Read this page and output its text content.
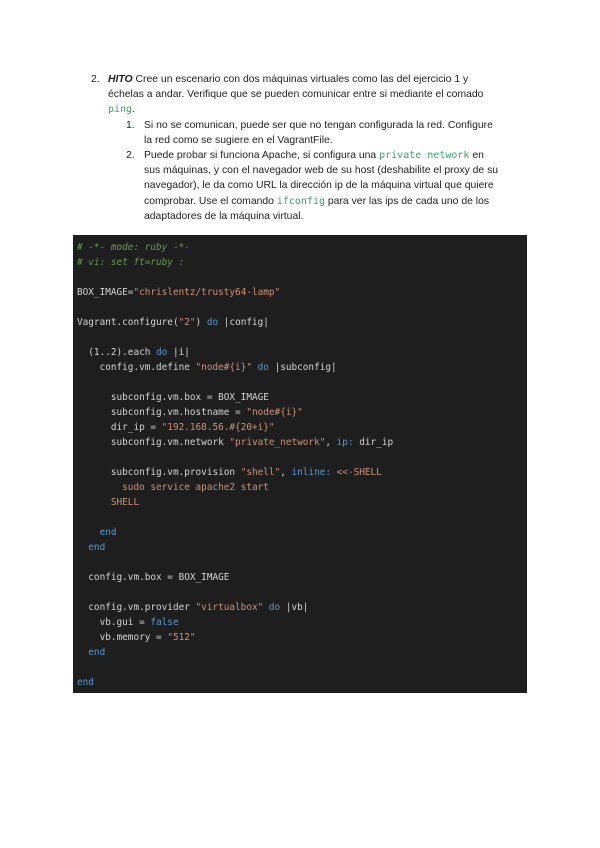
2. HITO Cree un escenario con dos máquinas virtuales como las del ejercicio 1 y
échelas a andar. Verifique que se pueden comunicar entre si mediante el comado
ping.
1. Si no se comunican, puede ser que no tengan configurada la red. Configure
la red como se sugiere en el VagrantFile.
2. Puede probar si funciona Apache, si configura una private network en
sus máquinas, y con el navegador web de su host (deshabilite el proxy de su
navegador), le da como URL la dirección ip de la máquina virtual que quiere
comprobar. Use el comando ifconfig para ver las ips de cada uno de los
adaptadores de la máquina virtual.
# -*- mode: ruby -*-
# vi: set ft=ruby :
BOX_IMAGE="chrislentz/trusty64-lamp"
Vagrant.configure("2") do |config|
(1..2).each do |i|
config.vm.define "node#{i}" do |subconfig|
subconfig.vm.box = BOX_IMAGE
subconfig.vm.hostname = "node#{i}"
dir_ip = "192.168.56.#{20+i}"
subconfig.vm.network "private_network", ip: dir_ip
subconfig.vm.provision "shell", inline: <<-SHELL
sudo service apache2 start
SHELL
end
end
config.vm.box = BOX_IMAGE
config.vm.provider "virtualbox" do |vb|
vb.gui = false
vb.memory = "512"
end
end
